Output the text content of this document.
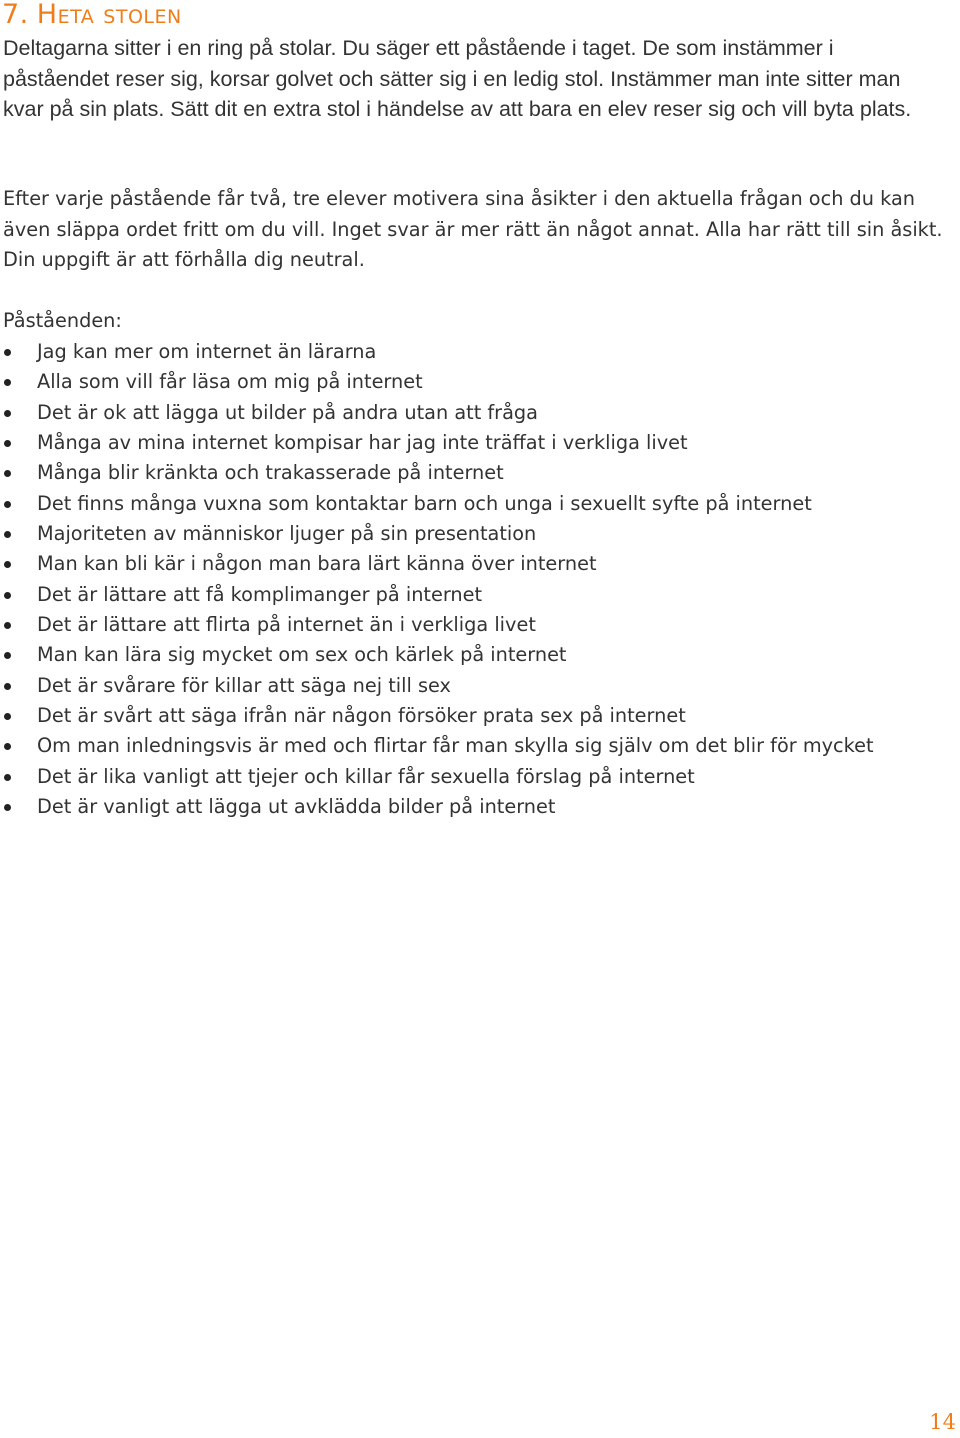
7. Heta stolen

Deltagarna sitter i en ring på stolar. Du säger ett påstående i taget. De som instämmer i påståendet reser sig, korsar golvet och sätter sig i en ledig stol. Instämmer man inte sitter man kvar på sin plats. Sätt dit en extra stol i händelse av att bara en elev reser sig och vill byta plats.

Efter varje påstående får två, tre elever motivera sina åsikter i den aktuella frågan och du kan även släppa ordet fritt om du vill. Inget svar är mer rätt än något annat. Alla har rätt till sin åsikt. Din uppgift är att förhålla dig neutral.

Påståenden:

Jag kan mer om internet än lärarna
Alla som vill får läsa om mig på internet
Det är ok att lägga ut bilder på andra utan att fråga
Många av mina internet kompisar har jag inte träffat i verkliga livet
Många blir kränkta och trakasserade på internet
Det finns många vuxna som kontaktar barn och unga i sexuellt syfte på internet
Majoriteten av människor ljuger på sin presentation
Man kan bli kär i någon man bara lärt känna över internet
Det är lättare att få komplimanger på internet
Det är lättare att flirta på internet än i verkliga livet
Man kan lära sig mycket om sex och kärlek på internet
Det är svårare för killar att säga nej till sex
Det är svårt att säga ifrån när någon försöker prata sex på internet
Om man inledningsvis är med och flirtar får man skylla sig själv om det blir för mycket
Det är lika vanligt att tjejer och killar får sexuella förslag på internet
Det är vanligt att lägga ut avklädda bilder på internet
14
